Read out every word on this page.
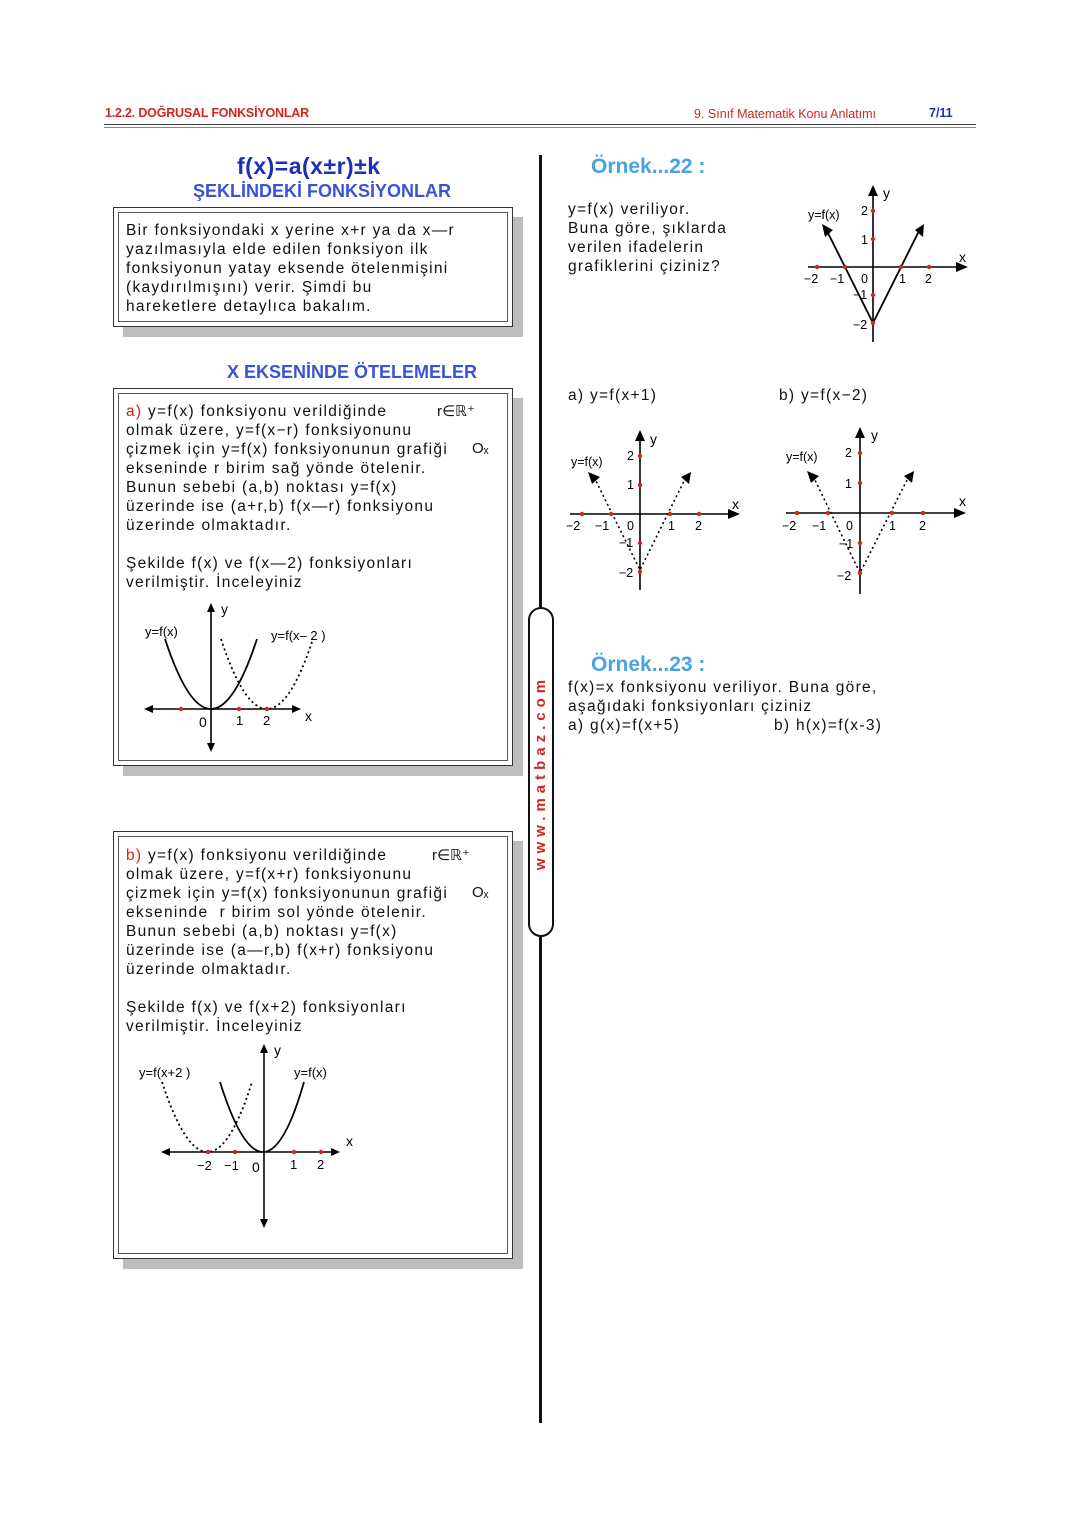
1.2.2. DOĞRUSAL FONKSİYONLAR	9. Sınıf Matematik Konu Anlatımı	7/11
www.matbaz.com
f(x)=a(x±r)±k
ŞEKLİNDEKİ FONKSİYONLAR
Bir fonksiyondaki x yerine x+r ya da x—r
yazılmasıyla elde edilen fonksiyon ilk
fonksiyonun yatay eksende ötelenmişini
(kaydırılmışını) verir. Şimdi bu
hareketlere detaylıca bakalım.
X EKSENİNDE ÖTELEMELER
a) y=f(x) fonksiyonu verildiğinde
olmak üzere, y=f(x−r) fonksiyonunu
çizmek için y=f(x) fonksiyonunun grafiği
ekseninde r birim sağ yönde ötelenir.
Bunun sebebi (a,b) noktası y=f(x)
üzerinde ise (a+r,b) f(x—r) fonksiyonu
üzerinde olmaktadır.

Şekilde f(x) ve f(x—2) fonksiyonları
verilmiştir. İnceleyiniz
r∈ℝ⁺
Oₓ
y=f(x)	y=f(x– 2 )
y
x
0 1 2
b) y=f(x) fonksiyonu verildiğinde
olmak üzere, y=f(x+r) fonksiyonunu
çizmek için y=f(x) fonksiyonunun grafiği
ekseninde  r birim sol yönde ötelenir.
Bunun sebebi (a,b) noktası y=f(x)
üzerinde ise (a—r,b) f(x+r) fonksiyonu
üzerinde olmaktadır.

Şekilde f(x) ve f(x+2) fonksiyonları
verilmiştir. İnceleyiniz
r∈ℝ⁺
Oₓ
y=f(x+2 )	y=f(x)
y
x
−2 −1 0 1 2
Örnek...22 :
y=f(x) veriliyor.
Buna göre, şıklarda
verilen ifadelerin
grafiklerini çiziniz?
y=f(x)
y
x
−2 −1 0 1 2
2
1
−1
−2
a) y=f(x+1)	b) y=f(x−2)
y=f(x)
y
x
−2 −1 0	1 2
2
1
−1
−2
y=f(x)
y
x
−2 −1 0	1 2
2
1
−1
−2
Örnek...23 :
f(x)=x fonksiyonu veriliyor. Buna göre,
aşağıdaki fonksiyonları çiziniz
a) g(x)=f(x+5)	b) h(x)=f(x-3)
